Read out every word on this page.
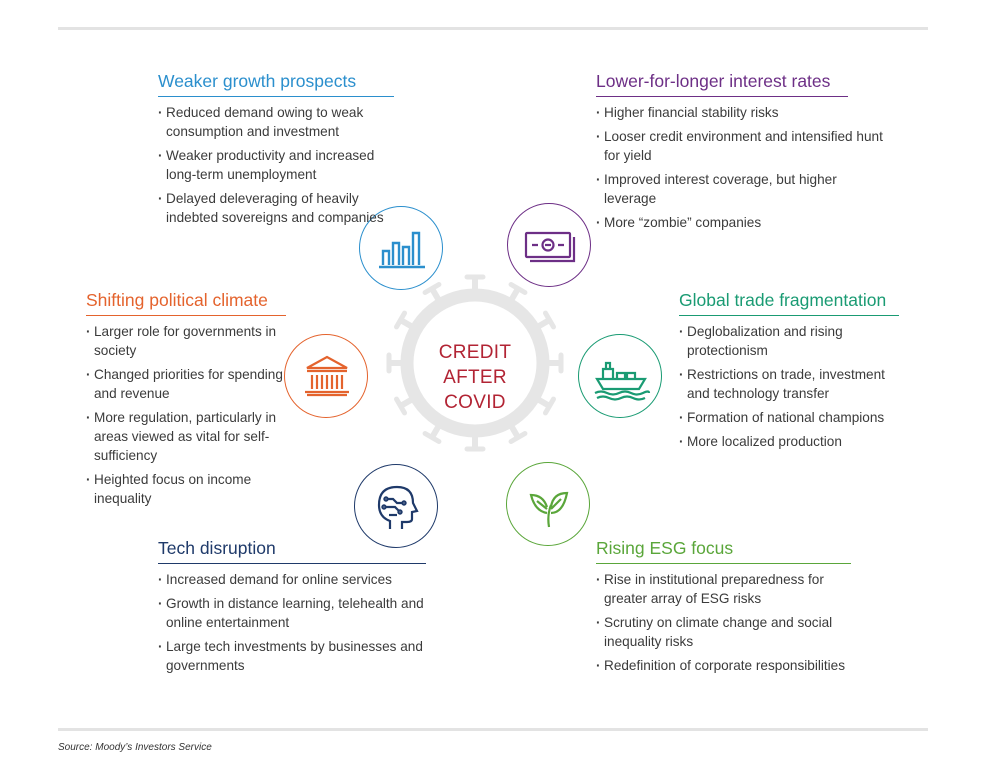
CREDIT
AFTER
COVID
Weaker growth prospects
· Reduced demand owing to weak consumption and investment
· Weaker productivity and increased long-term unemployment
· Delayed deleveraging of heavily indebted sovereigns and companies
Lower-for-longer interest rates
· Higher financial stability risks
· Looser credit environment and intensified hunt for yield
· Improved interest coverage, but higher leverage
· More “zombie” companies
Shifting political climate
· Larger role for governments in society
· Changed priorities for spending and revenue
· More regulation, particularly in areas viewed as vital for self-sufficiency
· Heighted focus on income inequality
Global trade fragmentation
· Deglobalization and rising protectionism
· Restrictions on trade, investment and technology transfer
· Formation of national champions
· More localized production
Tech disruption
· Increased demand for online services
· Growth in distance learning, telehealth and online entertainment
· Large tech investments by businesses and governments
Rising ESG focus
· Rise in institutional preparedness for greater array of ESG risks
· Scrutiny on climate change and social inequality risks
· Redefinition of corporate responsibilities
Source: Moody’s Investors Service
